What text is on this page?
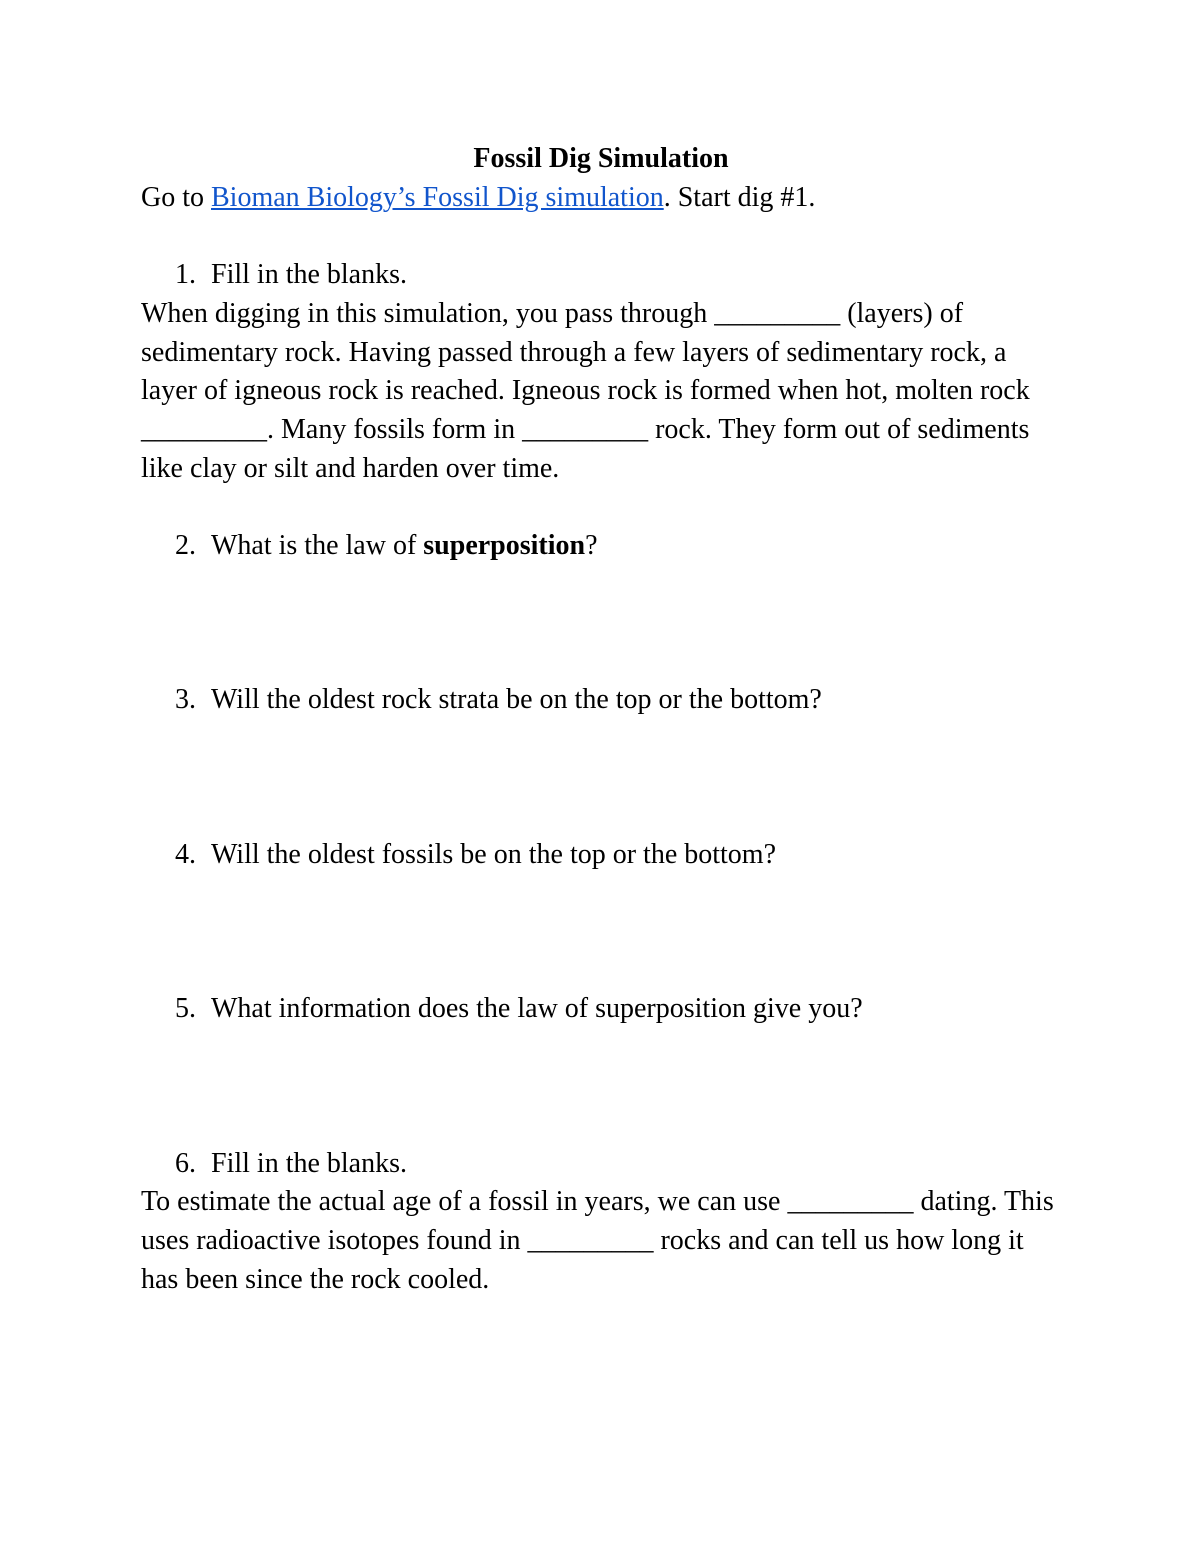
Fossil Dig Simulation
Go to Bioman Biology’s Fossil Dig simulation. Start dig #1.
1. Fill in the blanks.
When digging in this simulation, you pass through _________ (layers) of sedimentary rock. Having passed through a few layers of sedimentary rock, a layer of igneous rock is reached. Igneous rock is formed when hot, molten rock _________. Many fossils form in _________ rock. They form out of sediments like clay or silt and harden over time.
2. What is the law of superposition?
3. Will the oldest rock strata be on the top or the bottom?
4. Will the oldest fossils be on the top or the bottom?
5. What information does the law of superposition give you?
6. Fill in the blanks.
To estimate the actual age of a fossil in years, we can use _________ dating. This uses radioactive isotopes found in _________ rocks and can tell us how long it has been since the rock cooled.
